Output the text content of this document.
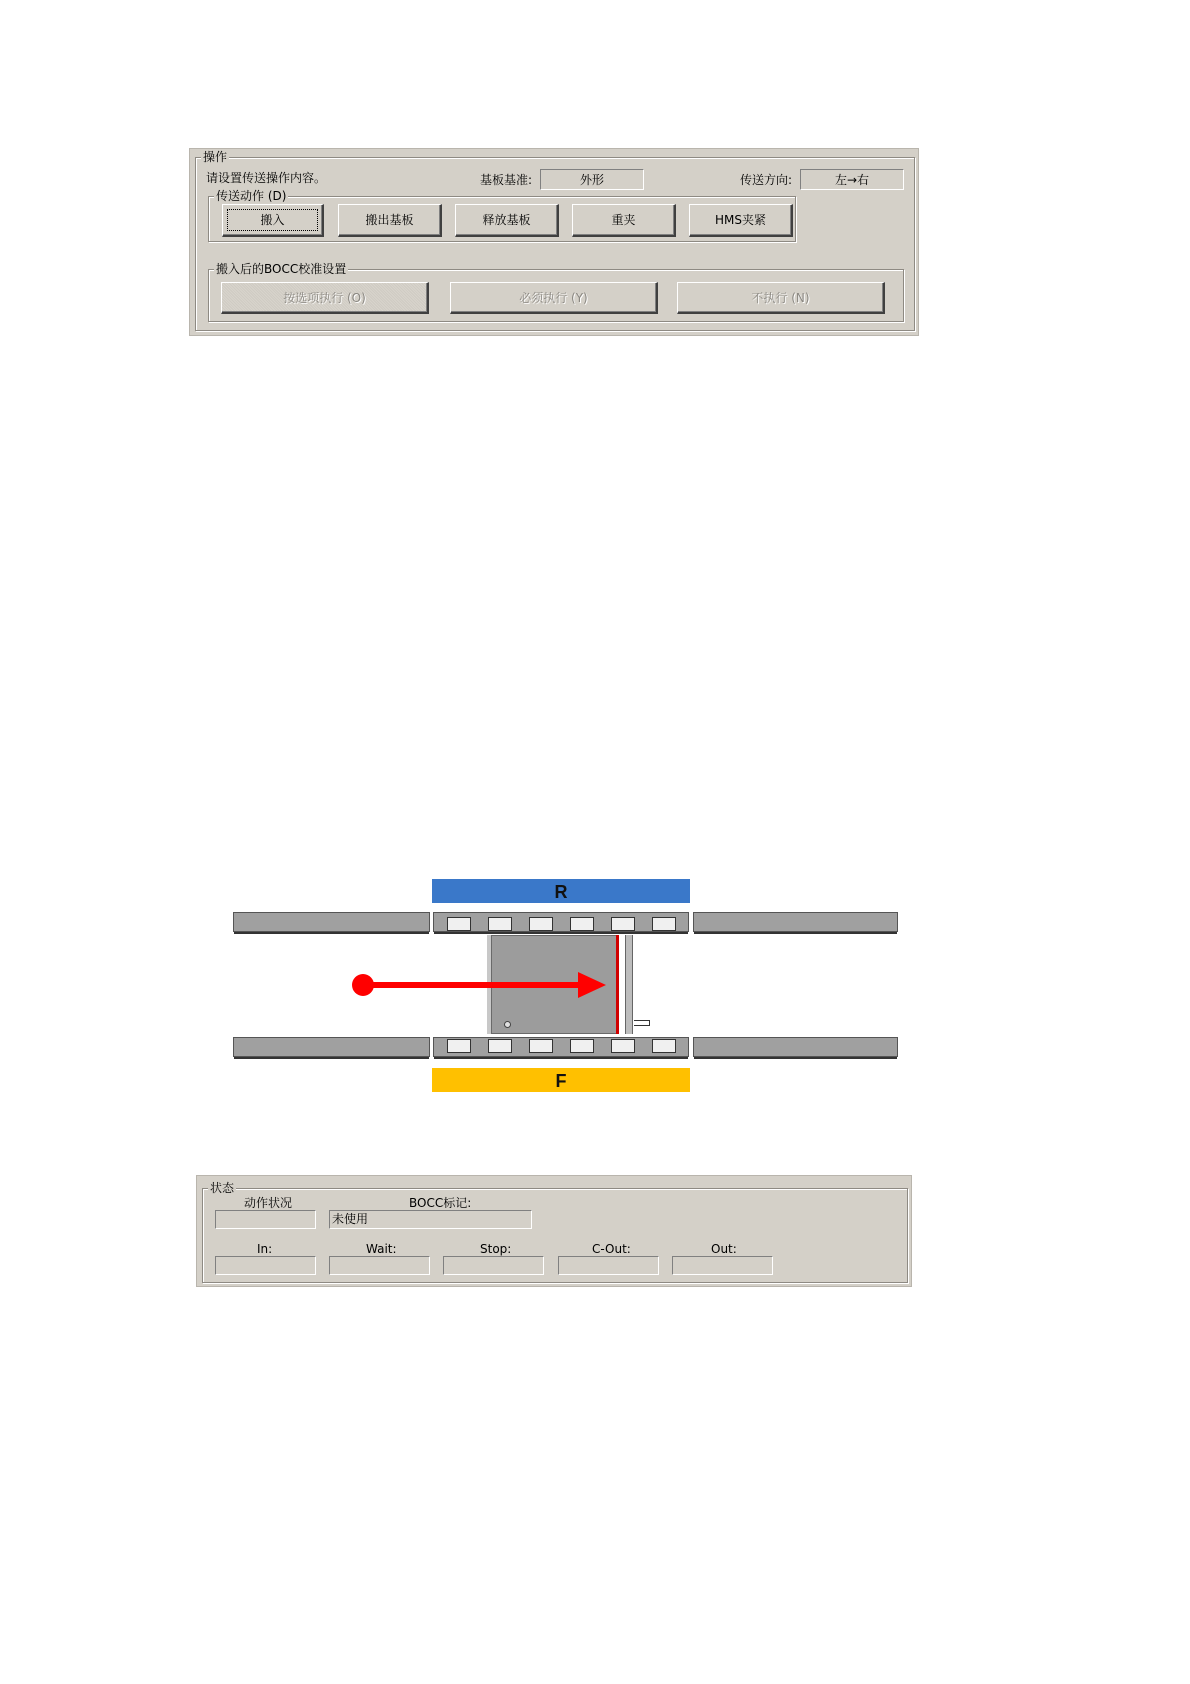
操作
请设置传送操作内容。	基板基准:	外形	传送方向:	左→右
传送动作 (D)
搬入	搬出基板	释放基板	重夹	HMS夹紧
搬入后的BOCC校准设置
按选项执行 (O)	必须执行 (Y)	不执行 (N)
R
F
状态
动作状况	BOCC标记:
未使用
In:	Wait:	Stop:	C-Out:	Out:
